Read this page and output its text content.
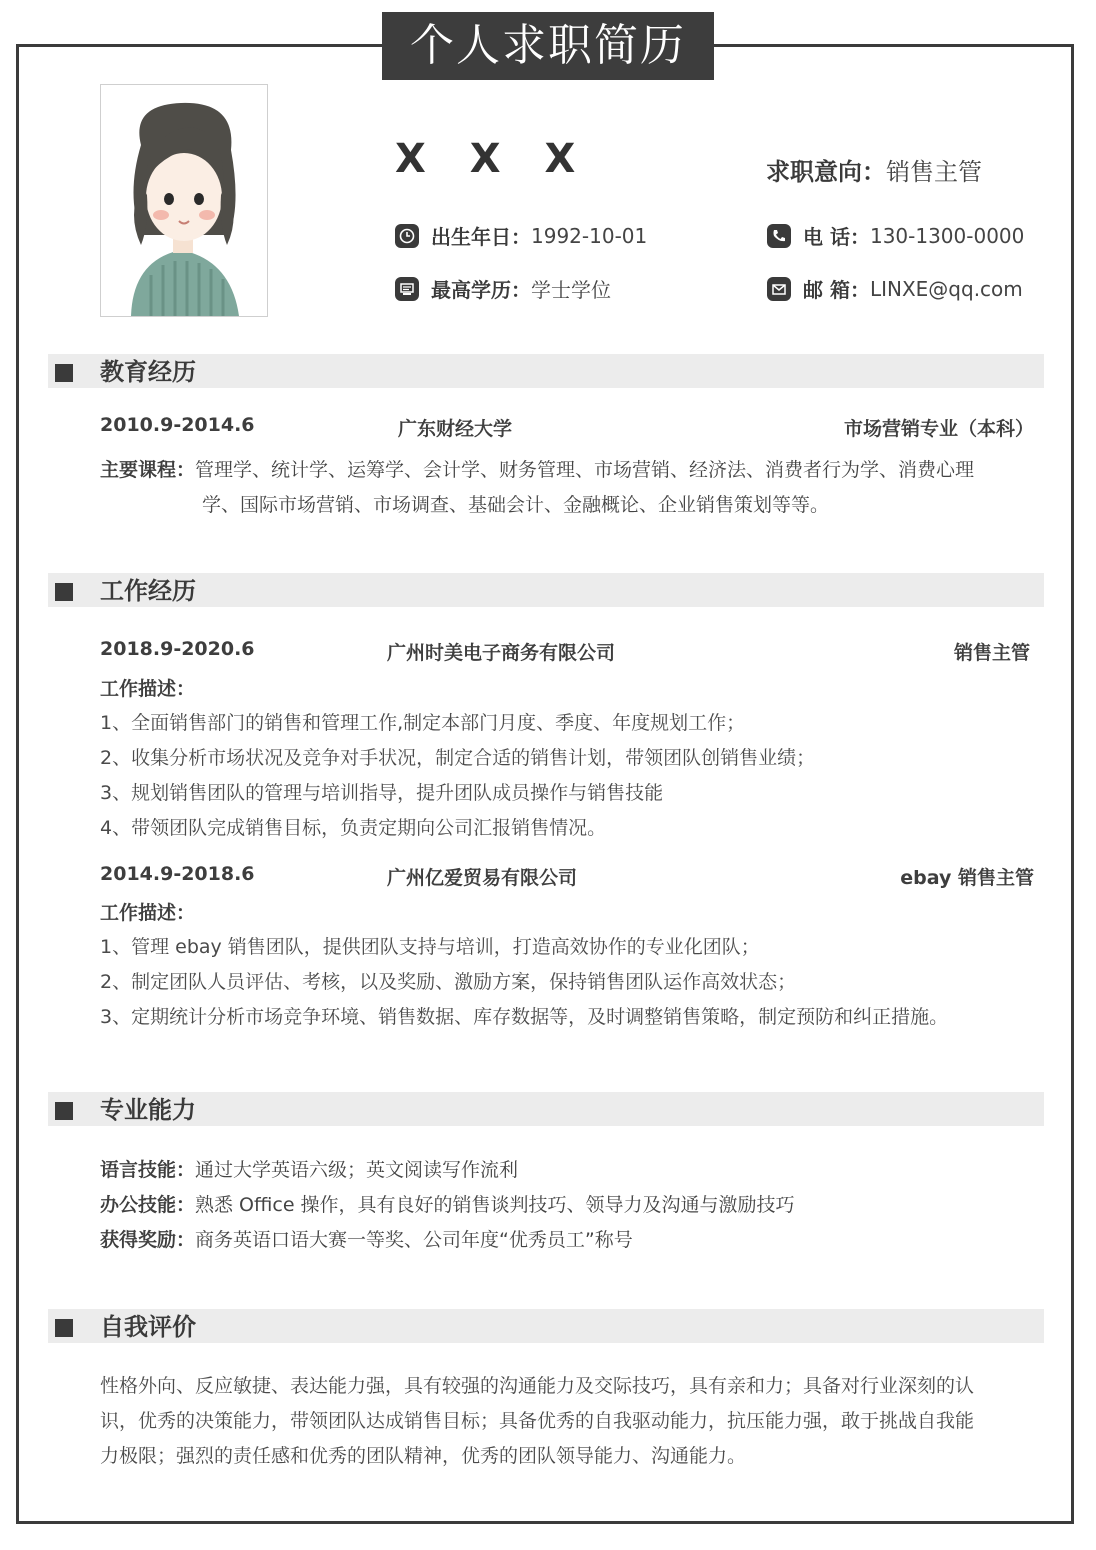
个人求职简历
X X X	求职意向：销售主管
出生年日： 1992-10-01	电 话： 130-1300-0000
最高学历： 学士学位	邮 箱： LINXE@qq.com
教育经历
2010.9-2014.6	广东财经大学	市场营销专业（本科）
主要课程：管理学、统计学、运筹学、会计学、财务管理、市场营销、经济法、消费者行为学、消费心理
学、国际市场营销、市场调查、基础会计、金融概论、企业销售策划等等。
工作经历
2018.9-2020.6	广州时美电子商务有限公司	销售主管
工作描述：
1、全面销售部门的销售和管理工作,制定本部门月度、季度、年度规划工作；
2、收集分析市场状况及竞争对手状况，制定合适的销售计划，带领团队创销售业绩；
3、规划销售团队的管理与培训指导，提升团队成员操作与销售技能
4、带领团队完成销售目标，负责定期向公司汇报销售情况。
2014.9-2018.6	广州亿爱贸易有限公司	ebay 销售主管
工作描述：
1、管理 ebay 销售团队，提供团队支持与培训，打造高效协作的专业化团队；
2、制定团队人员评估、考核，以及奖励、激励方案，保持销售团队运作高效状态；
3、定期统计分析市场竞争环境、销售数据、库存数据等，及时调整销售策略，制定预防和纠正措施。
专业能力
语言技能：通过大学英语六级；英文阅读写作流利
办公技能：熟悉 Office 操作，具有良好的销售谈判技巧、领导力及沟通与激励技巧
获得奖励：商务英语口语大赛一等奖、公司年度“优秀员工”称号
自我评价
性格外向、反应敏捷、表达能力强，具有较强的沟通能力及交际技巧，具有亲和力；具备对行业深刻的认
识，优秀的决策能力，带领团队达成销售目标；具备优秀的自我驱动能力，抗压能力强，敢于挑战自我能
力极限；强烈的责任感和优秀的团队精神，优秀的团队领导能力、沟通能力。
